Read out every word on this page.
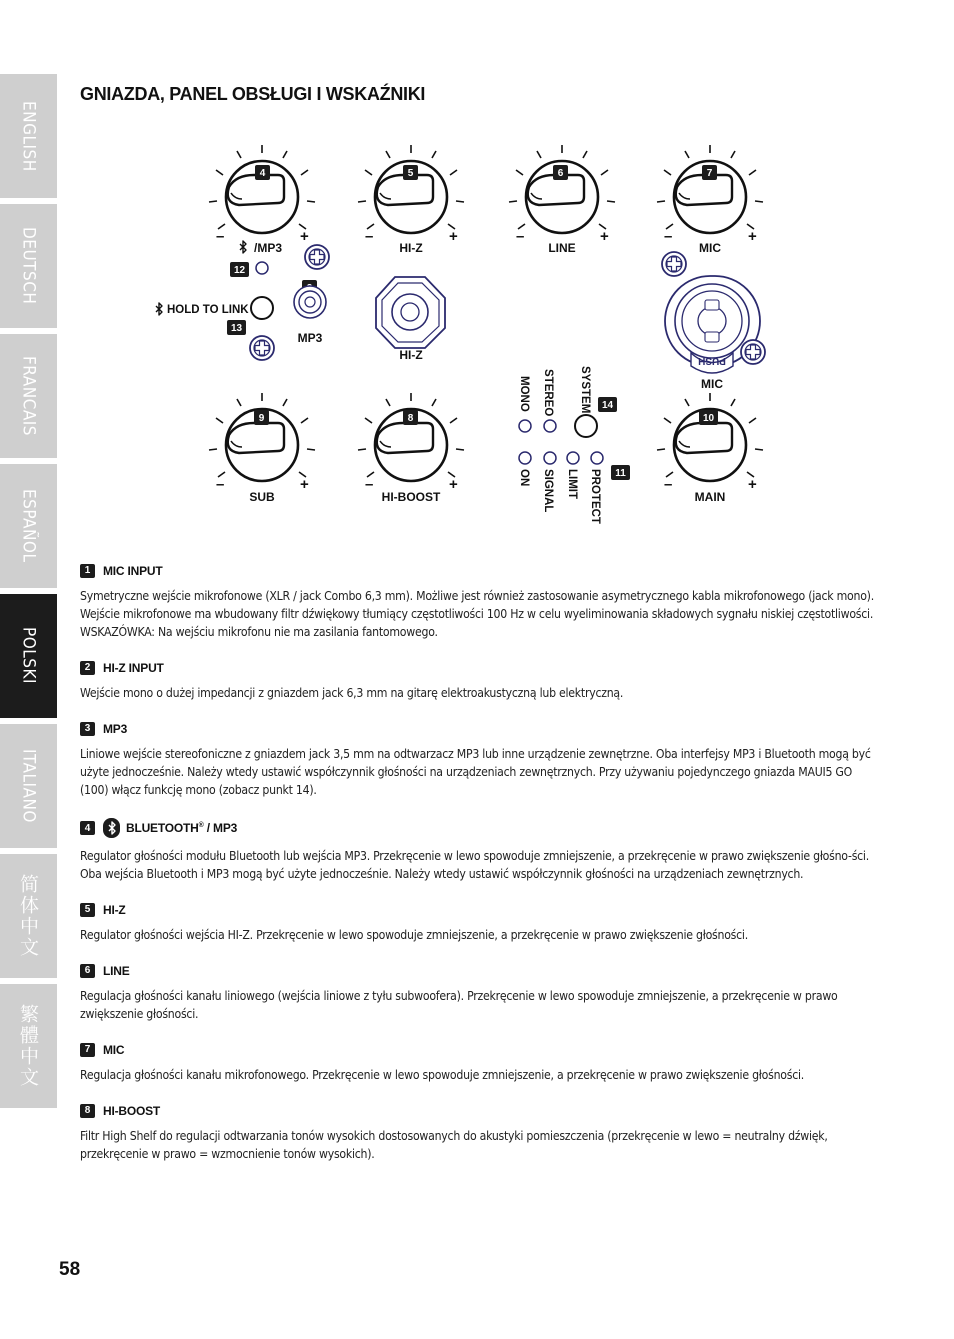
ENGLISH
DEUTSCH
FRANCAIS
ESPAÑOL
POLSKI
ITALIANO
简体中文
繁體中文
GNIAZDA, PANEL OBSŁUGI I WSKAŹNIKI
–	+	–	+	–	+	–	+
–	+	–	+	–	+
/MP3	HI-Z	LINE	MIC
SUB	HI-BOOST	MAIN
4	5	6	7
9	8	10
12
13
14
11
HOLD TO LINK
MP3
HI-Z	PUSH
MIC
MONO STEREO SYSTEM
ON SIGNAL LIMIT PROTECT
1	MIC INPUT

Symetryczne wejście mikrofonowe (XLR / jack Combo 6,3 mm). Możliwe jest również zastosowanie asymetrycznego kabla mikrofonowego (jack mono). Wejście mikrofonowe ma wbudowany filtr dźwiękowy tłumiący częstotliwości 100 Hz w celu wyeliminowania składowych sygnału niskiej częstotliwości. WSKAZÓWKA: Na wejściu mikrofonu nie ma zasilania fantomowego.

2	HI-Z INPUT

Wejście mono o dużej impedancji z gniazdem jack 6,3 mm na gitarę elektroakustyczną lub elektryczną.

3	MP3

Liniowe wejście stereofoniczne z gniazdem jack 3,5 mm na odtwarzacz MP3 lub inne urządzenie zewnętrzne. Oba interfejsy MP3 i Bluetooth mogą być użyte jednocześnie. Należy wtedy ustawić współczynnik głośności na urządzeniach zewnętrznych. Przy używaniu pojedynczego gniazda MAUI5 GO (100) włącz funkcję mono (zobacz punkt 14).

4	BLUETOOTH® / MP3

Regulator głośności modułu Bluetooth lub wejścia MP3. Przekręcenie w lewo spowoduje zmniejszenie, a przekręcenie w prawo zwiększenie głośno-ści. Oba wejścia Bluetooth i MP3 mogą być użyte jednocześnie. Należy wtedy ustawić współczynnik głośności na urządzeniach zewnętrznych.

5	HI-Z

Regulator głośności wejścia HI-Z. Przekręcenie w lewo spowoduje zmniejszenie, a przekręcenie w prawo zwiększenie głośności.

6	LINE

Regulacja głośności kanału liniowego (wejścia liniowe z tyłu subwoofera). Przekręcenie w lewo spowoduje zmniejszenie, a przekręcenie w prawo zwiększenie głośności.

7	MIC

Regulacja głośności kanału mikrofonowego. Przekręcenie w lewo spowoduje zmniejszenie, a przekręcenie w prawo zwiększenie głośności.

8	HI-BOOST

Filtr High Shelf do regulacji odtwarzania tonów wysokich dostosowanych do akustyki pomieszczenia (przekręcenie w lewo = neutralny dźwięk, przekręcenie w prawo = wzmocnienie tonów wysokich).

58
